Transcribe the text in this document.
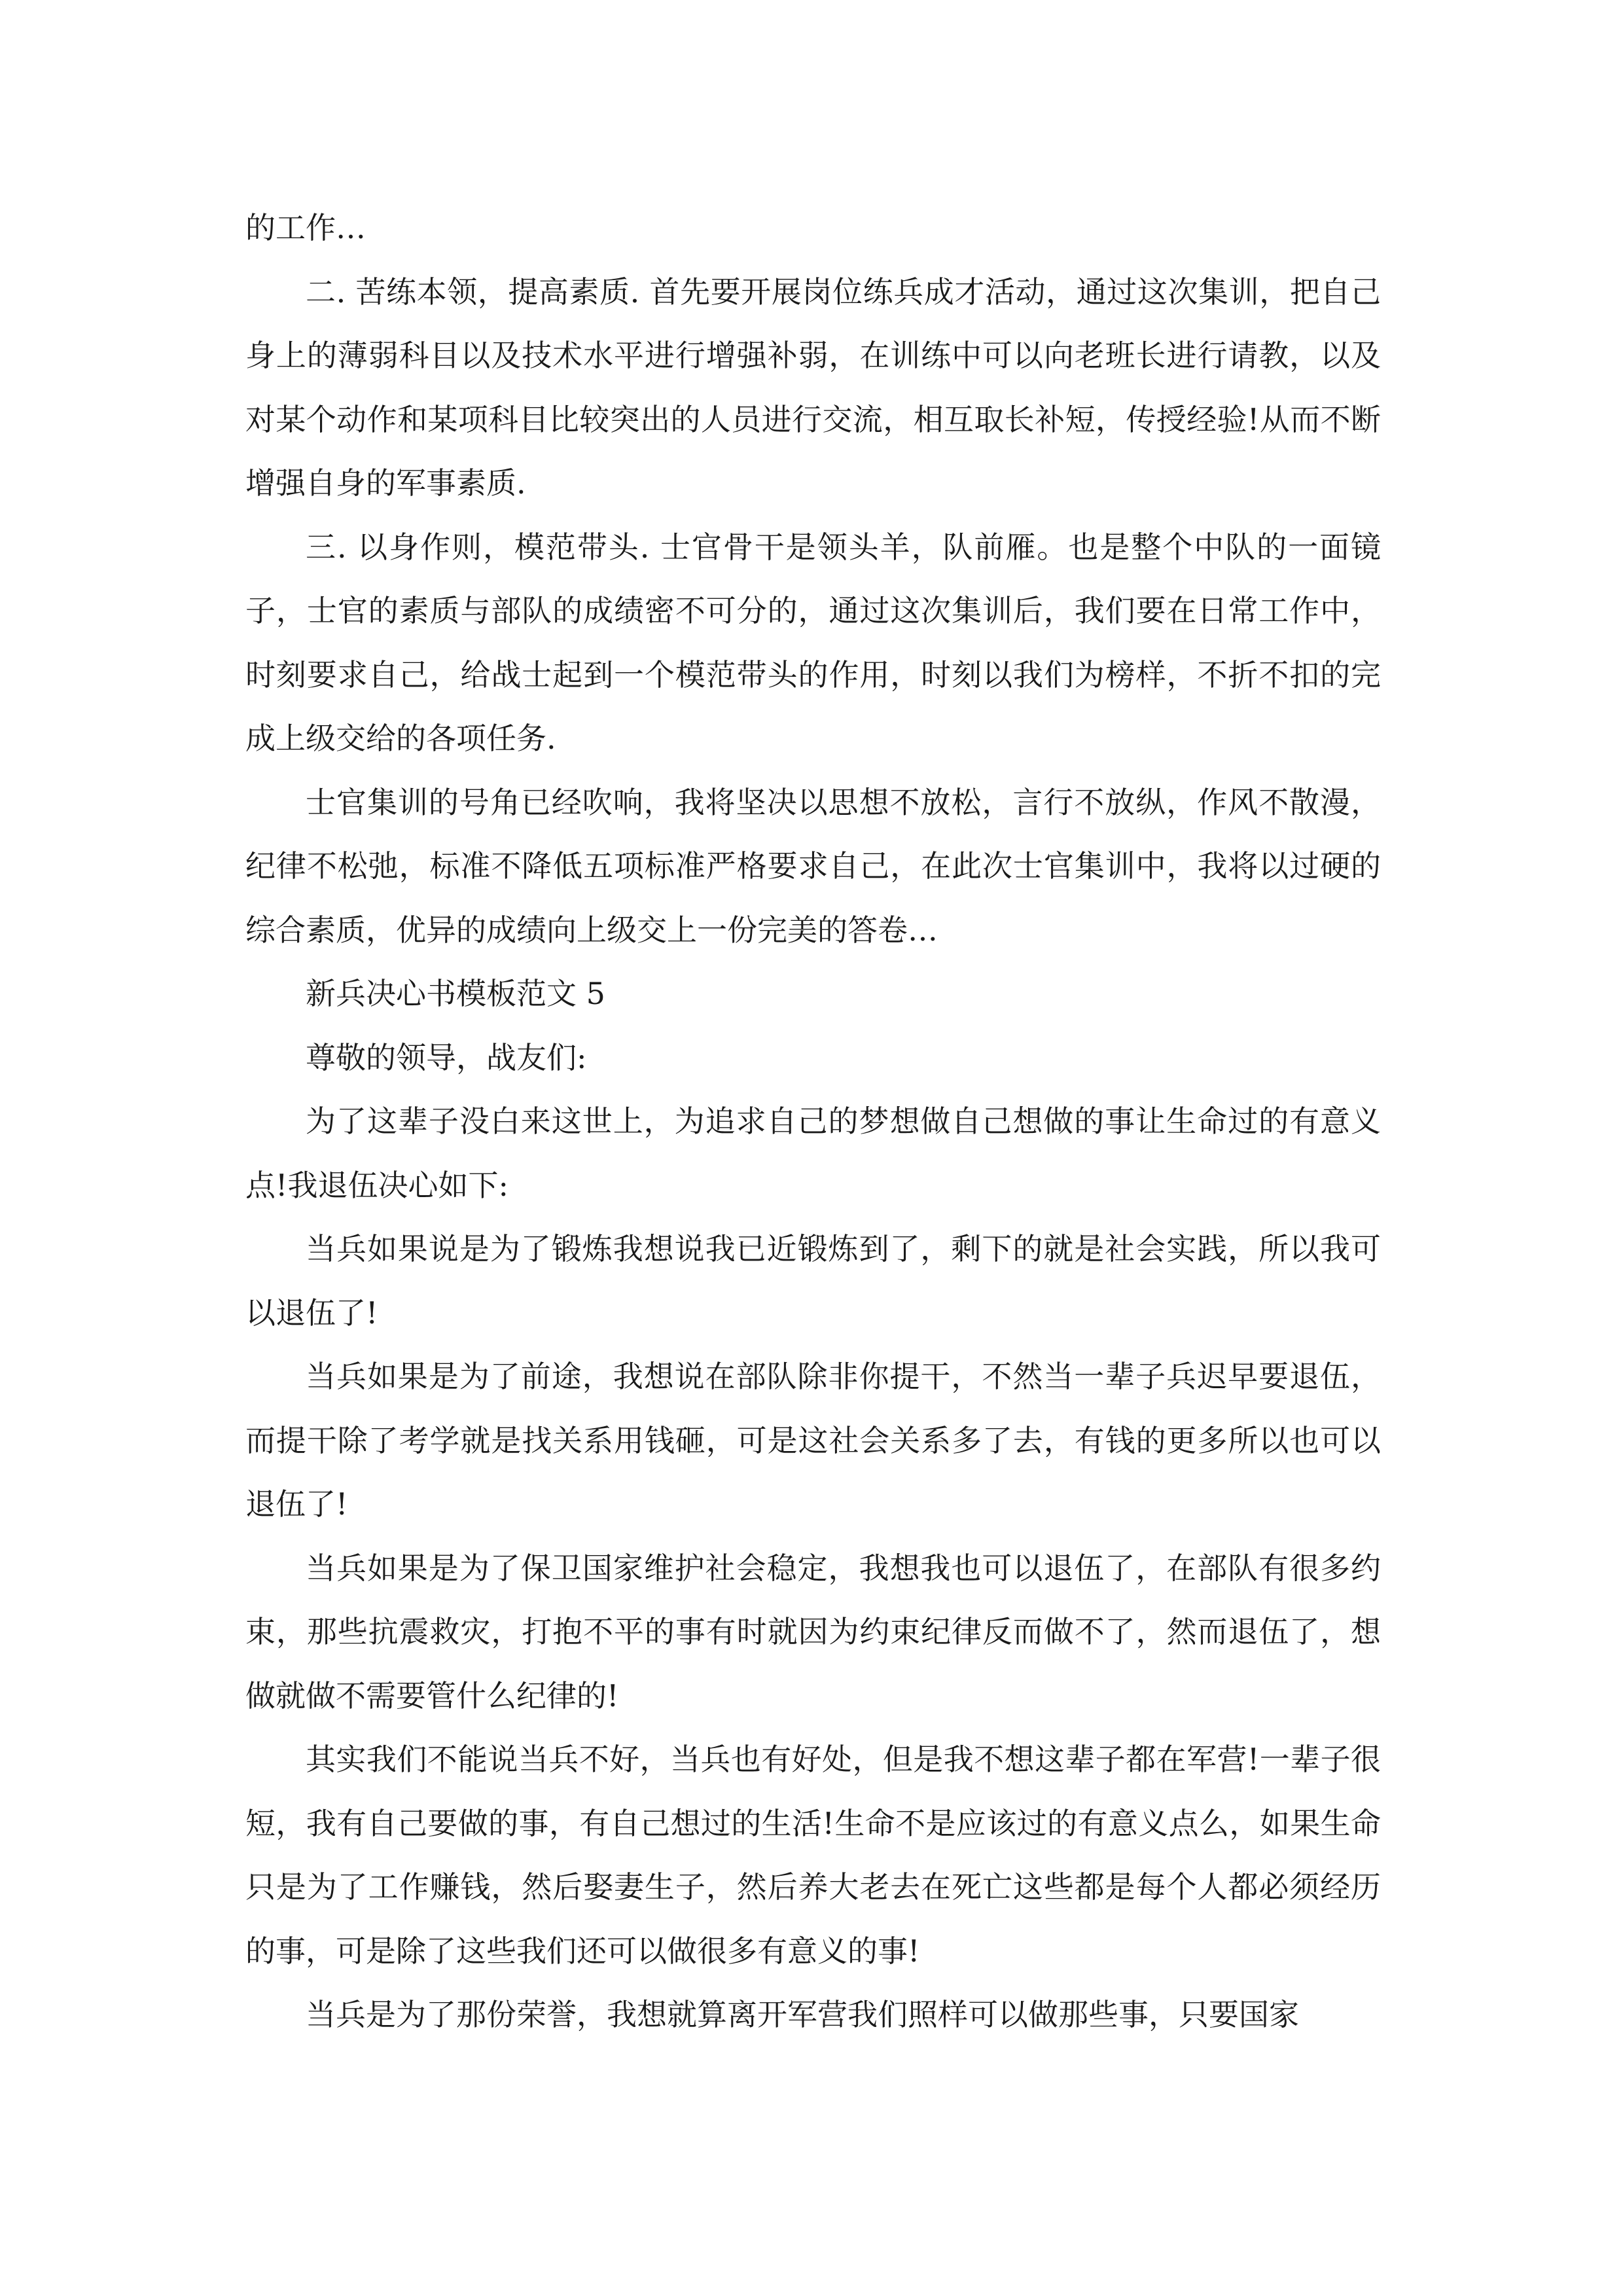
的工作…

二. 苦练本领，提高素质. 首先要开展岗位练兵成才活动，通过这次集训，把自己身上的薄弱科目以及技术水平进行增强补弱，在训练中可以向老班长进行请教，以及对某个动作和某项科目比较突出的人员进行交流，相互取长补短，传授经验!从而不断增强自身的军事素质.

三. 以身作则，模范带头. 士官骨干是领头羊，队前雁。也是整个中队的一面镜子，士官的素质与部队的成绩密不可分的，通过这次集训后，我们要在日常工作中，时刻要求自己，给战士起到一个模范带头的作用，时刻以我们为榜样，不折不扣的完成上级交给的各项任务.

士官集训的号角已经吹响，我将坚决以思想不放松，言行不放纵，作风不散漫，纪律不松弛，标准不降低五项标准严格要求自己，在此次士官集训中，我将以过硬的综合素质，优异的成绩向上级交上一份完美的答卷…

新兵决心书模板范文 5

尊敬的领导，战友们:

为了这辈子没白来这世上，为追求自己的梦想做自己想做的事让生命过的有意义点!我退伍决心如下:

当兵如果说是为了锻炼我想说我已近锻炼到了，剩下的就是社会实践，所以我可以退伍了!

当兵如果是为了前途，我想说在部队除非你提干，不然当一辈子兵迟早要退伍，而提干除了考学就是找关系用钱砸，可是这社会关系多了去，有钱的更多所以也可以退伍了!

当兵如果是为了保卫国家维护社会稳定，我想我也可以退伍了，在部队有很多约束，那些抗震救灾，打抱不平的事有时就因为约束纪律反而做不了，然而退伍了，想做就做不需要管什么纪律的!

其实我们不能说当兵不好，当兵也有好处，但是我不想这辈子都在军营!一辈子很短，我有自己要做的事，有自己想过的生活!生命不是应该过的有意义点么，如果生命只是为了工作赚钱，然后娶妻生子，然后养大老去在死亡这些都是每个人都必须经历的事，可是除了这些我们还可以做很多有意义的事!

当兵是为了那份荣誉，我想就算离开军营我们照样可以做那些事，只要国家
